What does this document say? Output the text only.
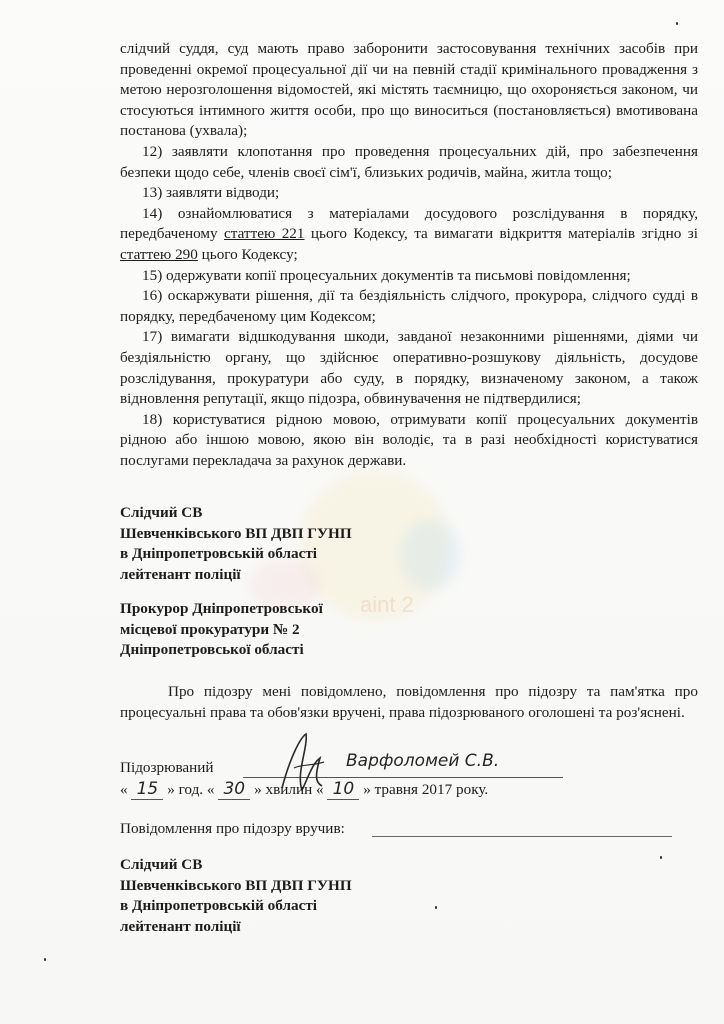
aint 2

слідчий суддя, суд мають право заборонити застосовування технічних засобів при проведенні окремої процесуальної дії чи на певній стадії кримінального провадження з метою нерозголошення відомостей, які містять таємницю, що охороняється законом, чи стосуються інтимного життя особи, про що виноситься (постановляється) вмотивована постанова (ухвала);

12) заявляти клопотання про проведення процесуальних дій, про забезпечення безпеки щодо себе, членів своєї сім'ї, близьких родичів, майна, житла тощо;

13) заявляти відводи;

14) ознайомлюватися з матеріалами досудового розслідування в порядку, передбаченому статтею 221 цього Кодексу, та вимагати відкриття матеріалів згідно зі статтею 290 цього Кодексу;

15) одержувати копії процесуальних документів та письмові повідомлення;

16) оскаржувати рішення, дії та бездіяльність слідчого, прокурора, слідчого судді в порядку, передбаченому цим Кодексом;

17) вимагати відшкодування шкоди, завданої незаконними рішеннями, діями чи бездіяльністю органу, що здійснює оперативно-розшукову діяльність, досудове розслідування, прокуратури або суду, в порядку, визначеному законом, а також відновлення репутації, якщо підозра, обвинувачення не підтвердилися;

18) користуватися рідною мовою, отримувати копії процесуальних документів рідною або іншою мовою, якою він володіє, та в разі необхідності користуватися послугами перекладача за рахунок держави.

Слідчий СВ
Шевченківського ВП ДВП ГУНП
в Дніпропетровській області
лейтенант поліції
Прокурор Дніпропетровської
місцевої прокуратури № 2
Дніпропетровської області

Про підозру мені повідомлено, повідомлення про підозру та пам'ятка про процесуальні права та обов'язки вручені, права підозрюваного оголошені та роз'яснені.

Підозрюваний	Варфоломей С.В.
« 15 » год. « 30 » хвилин « 10 » травня 2017 року.
Повідомлення про підозру вручив:
Слідчий СВ
Шевченківського ВП ДВП ГУНП
в Дніпропетровській області
лейтенант поліції
